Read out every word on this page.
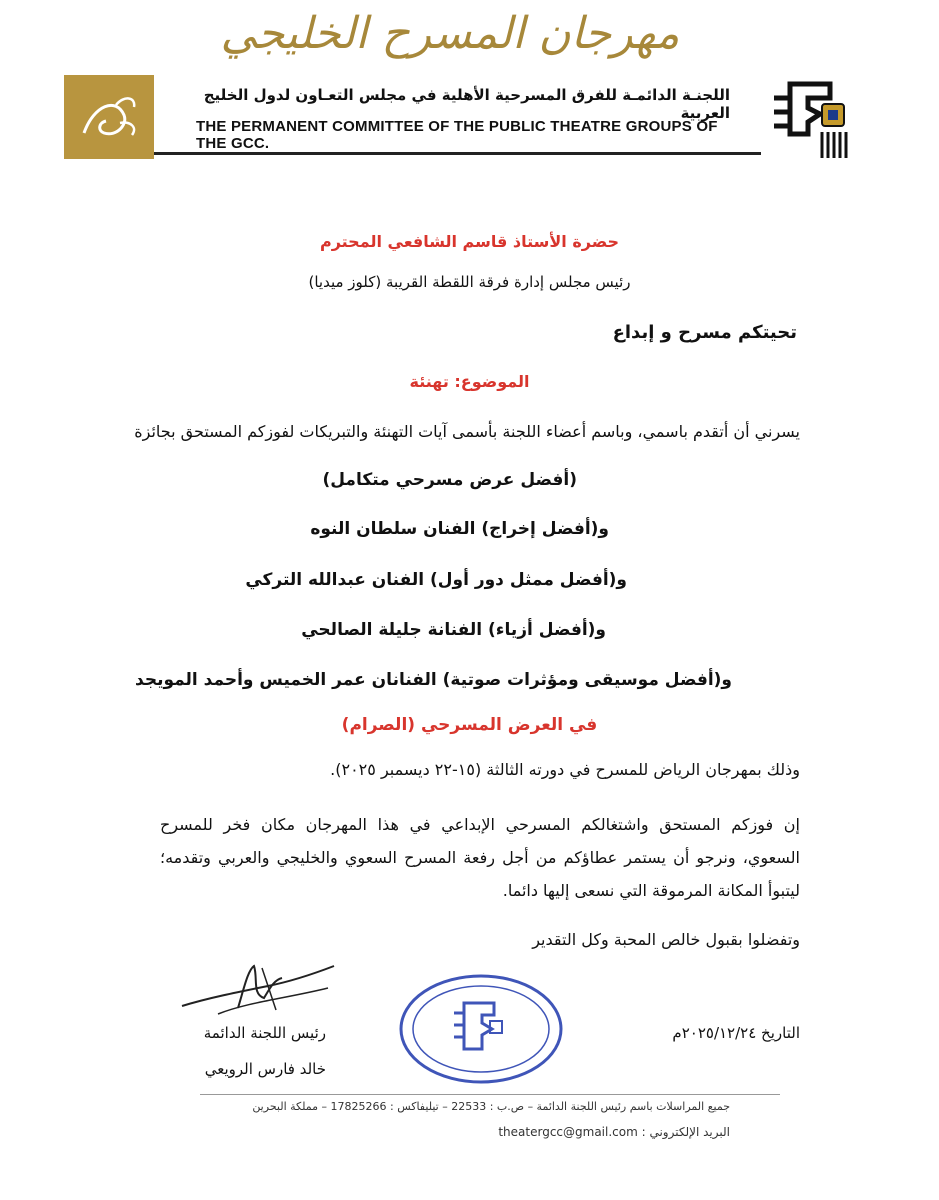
مهرجان المسرح الخليجي
اللجنـة الدائمـة للفرق المسرحية الأهلية في مجلس التعـاون لدول الخليج العربية
THE PERMANENT COMMITTEE OF THE PUBLIC THEATRE GROUPS OF THE GCC.
حضرة الأستاذ قاسم الشافعي المحترم
رئيس مجلس إدارة فرقة اللقطة القريبة (كلوز ميديا)
تحيتكم مسرح و إبداع
الموضوع: تهنئة
يسرني أن أتقدم باسمي، وباسم أعضاء اللجنة بأسمى آيات التهنئة والتبريكات لفوزكم المستحق بجائزة
(أفضل عرض مسرحي متكامل)
و(أفضل إخراج) الفنان سلطان النوه
و(أفضل ممثل دور أول) الفنان عبدالله التركي
و(أفضل أزياء) الفنانة جليلة الصالحي
و(أفضل موسيقى ومؤثرات صوتية) الفنانان عمر الخميس وأحمد المويجد
في العرض المسرحي (الصرام)
وذلك بمهرجان الرياض للمسرح في دورته الثالثة (١٥-٢٢ ديسمبر ٢٠٢٥).
إن فوزكم المستحق واشتغالكم المسرحي الإبداعي في هذا المهرجان مكان فخر للمسرح السعوي، ونرجو أن يستمر عطاؤكم من أجل رفعة المسرح السعوي والخليجي والعربي وتقدمه؛ ليتبوأ المكانة المرموقة التي نسعى إليها دائما.
وتفضلوا بقبول خالص المحبة وكل التقدير
التاريخ ٢٠٢٥/١٢/٢٤م
رئيس اللجنة الدائمة
خالد فارس الرويعي
جميع المراسلات باسم رئيس اللجنة الدائمة – ص.ب : 22533 – تيليفاكس : 17825266 – مملكة البحرين
البريد الإلكتروني : theatergcc@gmail.com
